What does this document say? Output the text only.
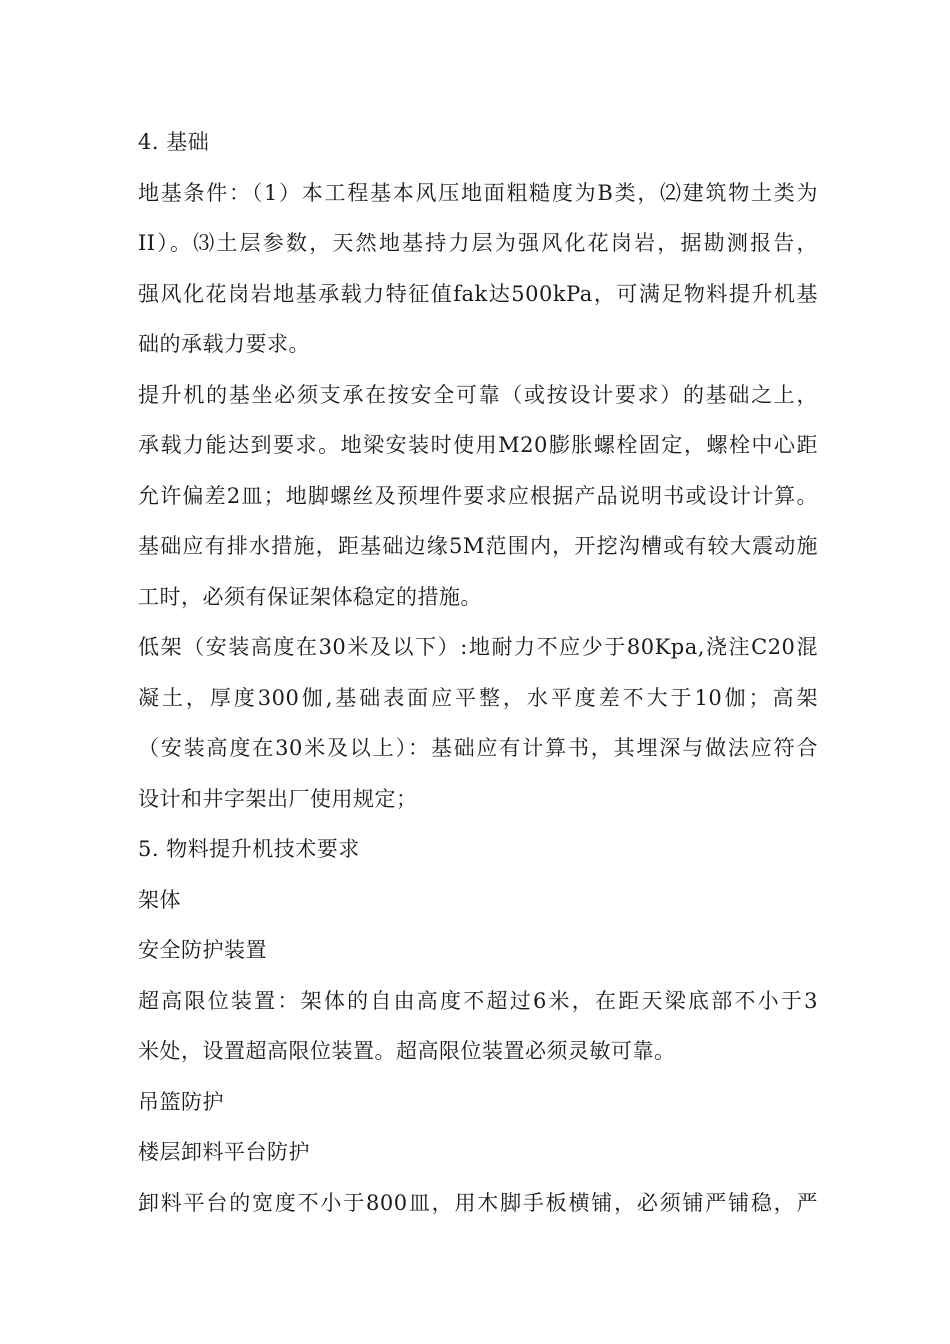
4. 基础
地基条件：（1）本工程基本风压地面粗糙度为B类，⑵建筑物土类为
II）。⑶土层参数，天然地基持力层为强风化花岗岩，据勘测报告，
强风化花岗岩地基承载力特征值fak达500kPa，可满足物料提升机基
础的承载力要求。
提升机的基坐必须支承在按安全可靠（或按设计要求）的基础之上，
承载力能达到要求。地梁安装时使用M20膨胀螺栓固定，螺栓中心距
允许偏差2皿；地脚螺丝及预埋件要求应根据产品说明书或设计计算。
基础应有排水措施，距基础边缘5M范围内，开挖沟槽或有较大震动施
工时，必须有保证架体稳定的措施。
低架（安装高度在30米及以下）:地耐力不应少于80Kpa,浇注C20混
凝土，厚度300伽,基础表面应平整，水平度差不大于10伽；高架
（安装高度在30米及以上）：基础应有计算书，其埋深与做法应符合
设计和井字架出厂使用规定；
5. 物料提升机技术要求
架体
安全防护装置
超高限位装置：架体的自由高度不超过6米，在距天梁底部不小于3
米处，设置超高限位装置。超高限位装置必须灵敏可靠。
吊篮防护
楼层卸料平台防护
卸料平台的宽度不小于800皿，用木脚手板横铺，必须铺严铺稳，严
